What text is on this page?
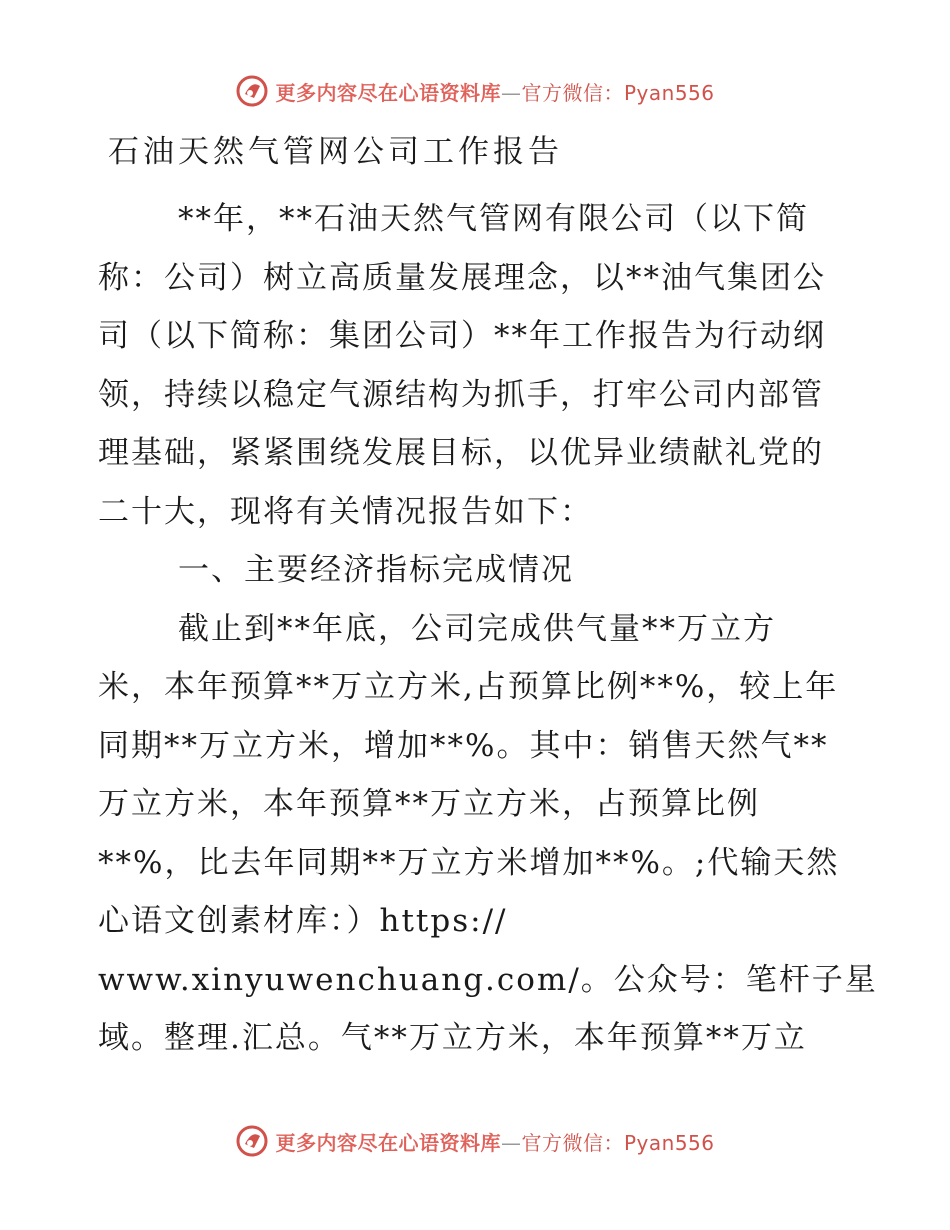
更多内容尽在心语资料库—官方微信：Pyan556
石油天然气管网公司工作报告

**年，**石油天然气管网有限公司（以下简
称：公司）树立高质量发展理念，以**油气集团公
司（以下简称：集团公司）**年工作报告为行动纲
领，持续以稳定气源结构为抓手，打牢公司内部管
理基础，紧紧围绕发展目标，以优异业绩献礼党的
二十大，现将有关情况报告如下：

一、主要经济指标完成情况

截止到**年底，公司完成供气量**万立方
米，本年预算**万立方米,占预算比例**%，较上年
同期**万立方米，增加**%。其中：销售天然气**
万立方米，本年预算**万立方米，占预算比例
**%，比去年同期**万立方米增加**%。;代输天然
心语文创素材库：）https://
www.xinyuwenchuang.com/。公众号：笔杆子星
域。整理.汇总。气**万立方米，本年预算**万立

更多内容尽在心语资料库—官方微信：Pyan556
